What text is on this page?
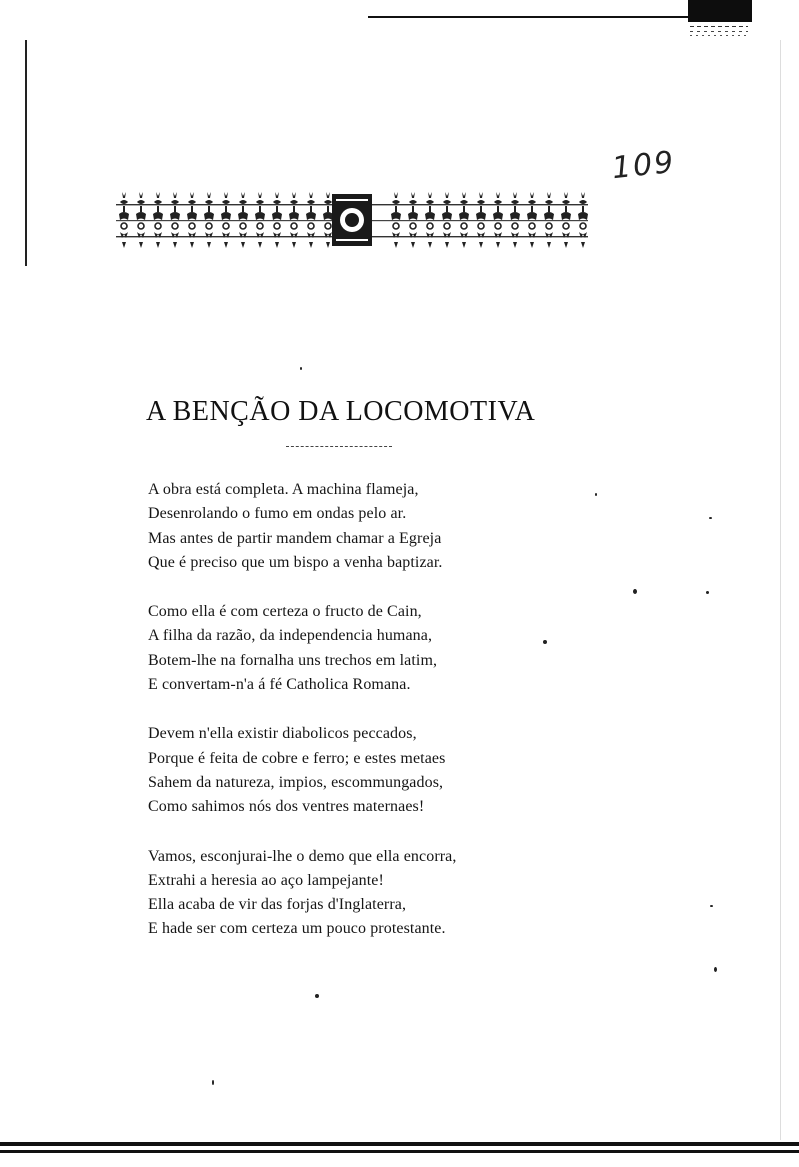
109
A BENÇÃO DA LOCOMOTIVA
A obra está completa. A machina flameja,
Desenrolando o fumo em ondas pelo ar.
Mas antes de partir mandem chamar a Egreja
Que é preciso que um bispo a venha baptizar.
Como ella é com certeza o fructo de Cain,
A filha da razão, da independencia humana,
Botem-lhe na fornalha uns trechos em latim,
E convertam-n'a á fé Catholica Romana.
Devem n'ella existir diabolicos peccados,
Porque é feita de cobre e ferro; e estes metaes
Sahem da natureza, impios, escommungados,
Como sahimos nós dos ventres maternaes!
Vamos, esconjurai-lhe o demo que ella encorra,
Extrahi a heresia ao aço lampejante!
Ella acaba de vir das forjas d'Inglaterra,
E hade ser com certeza um pouco protestante.
